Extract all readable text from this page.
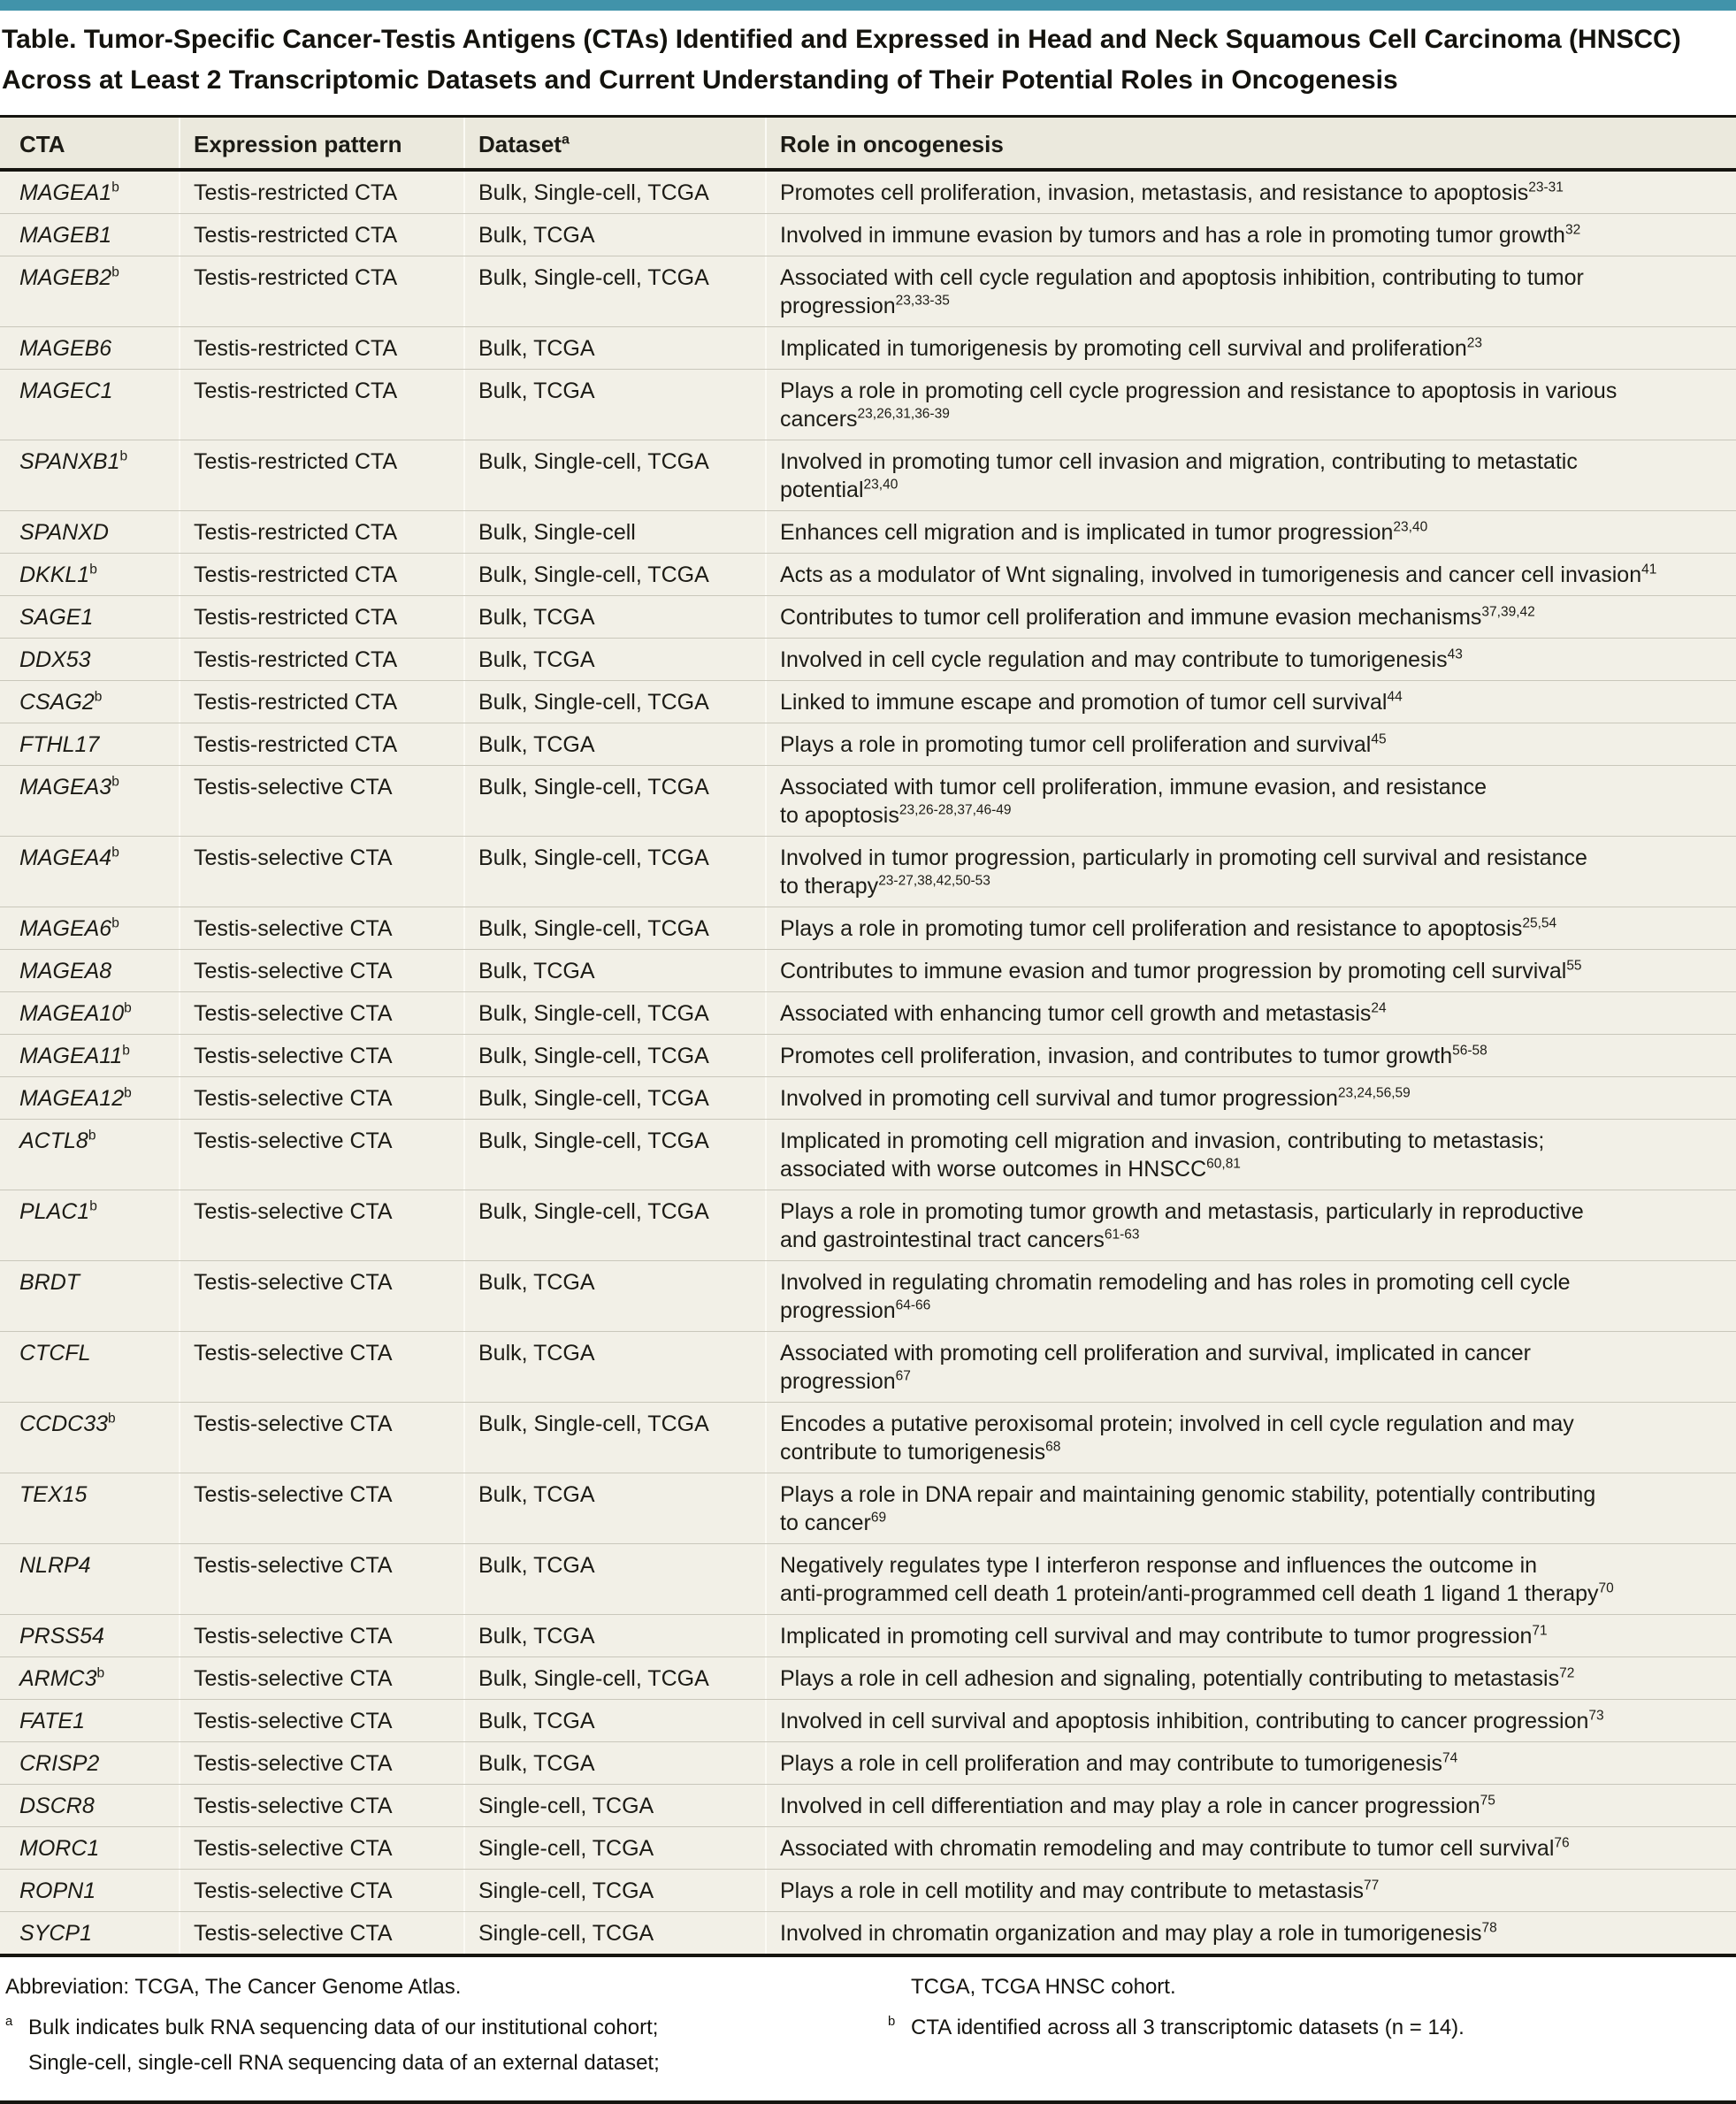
Table. Tumor-Specific Cancer-Testis Antigens (CTAs) Identified and Expressed in Head and Neck Squamous Cell Carcinoma (HNSCC)
Across at Least 2 Transcriptomic Datasets and Current Understanding of Their Potential Roles in Oncogenesis
CTA	Expression pattern	Dataset$^a$	Role in oncogenesis
MAGEA1$^b$	Testis-restricted CTA	Bulk, Single-cell, TCGA	Promotes cell proliferation, invasion, metastasis, and resistance to apoptosis$^{23-31}$
MAGEB1	Testis-restricted CTA	Bulk, TCGA	Involved in immune evasion by tumors and has a role in promoting tumor growth$^{32}$
MAGEB2$^b$	Testis-restricted CTA	Bulk, Single-cell, TCGA	Associated with cell cycle regulation and apoptosis inhibition, contributing to tumor
progression$^{23,33-35}$
MAGEB6	Testis-restricted CTA	Bulk, TCGA	Implicated in tumorigenesis by promoting cell survival and proliferation$^{23}$
MAGEC1	Testis-restricted CTA	Bulk, TCGA	Plays a role in promoting cell cycle progression and resistance to apoptosis in various
cancers$^{23,26,31,36-39}$
SPANXB1$^b$	Testis-restricted CTA	Bulk, Single-cell, TCGA	Involved in promoting tumor cell invasion and migration, contributing to metastatic
potential$^{23,40}$
SPANXD	Testis-restricted CTA	Bulk, Single-cell	Enhances cell migration and is implicated in tumor progression$^{23,40}$
DKKL1$^b$	Testis-restricted CTA	Bulk, Single-cell, TCGA	Acts as a modulator of Wnt signaling, involved in tumorigenesis and cancer cell invasion$^{41}$
SAGE1	Testis-restricted CTA	Bulk, TCGA	Contributes to tumor cell proliferation and immune evasion mechanisms$^{37,39,42}$
DDX53	Testis-restricted CTA	Bulk, TCGA	Involved in cell cycle regulation and may contribute to tumorigenesis$^{43}$
CSAG2$^b$	Testis-restricted CTA	Bulk, Single-cell, TCGA	Linked to immune escape and promotion of tumor cell survival$^{44}$
FTHL17	Testis-restricted CTA	Bulk, TCGA	Plays a role in promoting tumor cell proliferation and survival$^{45}$
MAGEA3$^b$	Testis-selective CTA	Bulk, Single-cell, TCGA	Associated with tumor cell proliferation, immune evasion, and resistance
to apoptosis$^{23,26-28,37,46-49}$
MAGEA4$^b$	Testis-selective CTA	Bulk, Single-cell, TCGA	Involved in tumor progression, particularly in promoting cell survival and resistance
to therapy$^{23-27,38,42,50-53}$
MAGEA6$^b$	Testis-selective CTA	Bulk, Single-cell, TCGA	Plays a role in promoting tumor cell proliferation and resistance to apoptosis$^{25,54}$
MAGEA8	Testis-selective CTA	Bulk, TCGA	Contributes to immune evasion and tumor progression by promoting cell survival$^{55}$
MAGEA10$^b$	Testis-selective CTA	Bulk, Single-cell, TCGA	Associated with enhancing tumor cell growth and metastasis$^{24}$
MAGEA11$^b$	Testis-selective CTA	Bulk, Single-cell, TCGA	Promotes cell proliferation, invasion, and contributes to tumor growth$^{56-58}$
MAGEA12$^b$	Testis-selective CTA	Bulk, Single-cell, TCGA	Involved in promoting cell survival and tumor progression$^{23,24,56,59}$
ACTL8$^b$	Testis-selective CTA	Bulk, Single-cell, TCGA	Implicated in promoting cell migration and invasion, contributing to metastasis;
associated with worse outcomes in HNSCC$^{60,81}$
PLAC1$^b$	Testis-selective CTA	Bulk, Single-cell, TCGA	Plays a role in promoting tumor growth and metastasis, particularly in reproductive
and gastrointestinal tract cancers$^{61-63}$
BRDT	Testis-selective CTA	Bulk, TCGA	Involved in regulating chromatin remodeling and has roles in promoting cell cycle
progression$^{64-66}$
CTCFL	Testis-selective CTA	Bulk, TCGA	Associated with promoting cell proliferation and survival, implicated in cancer
progression$^{67}$
CCDC33$^b$	Testis-selective CTA	Bulk, Single-cell, TCGA	Encodes a putative peroxisomal protein; involved in cell cycle regulation and may
contribute to tumorigenesis$^{68}$
TEX15	Testis-selective CTA	Bulk, TCGA	Plays a role in DNA repair and maintaining genomic stability, potentially contributing
to cancer$^{69}$
NLRP4	Testis-selective CTA	Bulk, TCGA	Negatively regulates type I interferon response and influences the outcome in
anti-programmed cell death 1 protein/anti-programmed cell death 1 ligand 1 therapy$^{70}$
PRSS54	Testis-selective CTA	Bulk, TCGA	Implicated in promoting cell survival and may contribute to tumor progression$^{71}$
ARMC3$^b$	Testis-selective CTA	Bulk, Single-cell, TCGA	Plays a role in cell adhesion and signaling, potentially contributing to metastasis$^{72}$
FATE1	Testis-selective CTA	Bulk, TCGA	Involved in cell survival and apoptosis inhibition, contributing to cancer progression$^{73}$
CRISP2	Testis-selective CTA	Bulk, TCGA	Plays a role in cell proliferation and may contribute to tumorigenesis$^{74}$
DSCR8	Testis-selective CTA	Single-cell, TCGA	Involved in cell differentiation and may play a role in cancer progression$^{75}$
MORC1	Testis-selective CTA	Single-cell, TCGA	Associated with chromatin remodeling and may contribute to tumor cell survival$^{76}$
ROPN1	Testis-selective CTA	Single-cell, TCGA	Plays a role in cell motility and may contribute to metastasis$^{77}$
SYCP1	Testis-selective CTA	Single-cell, TCGA	Involved in chromatin organization and may play a role in tumorigenesis$^{78}$
Abbreviation: TCGA, The Cancer Genome Atlas.
a Bulk indicates bulk RNA sequencing data of our institutional cohort;
Single-cell, single-cell RNA sequencing data of an external dataset;
TCGA, TCGA HNSC cohort.
b CTA identified across all 3 transcriptomic datasets (n = 14).
